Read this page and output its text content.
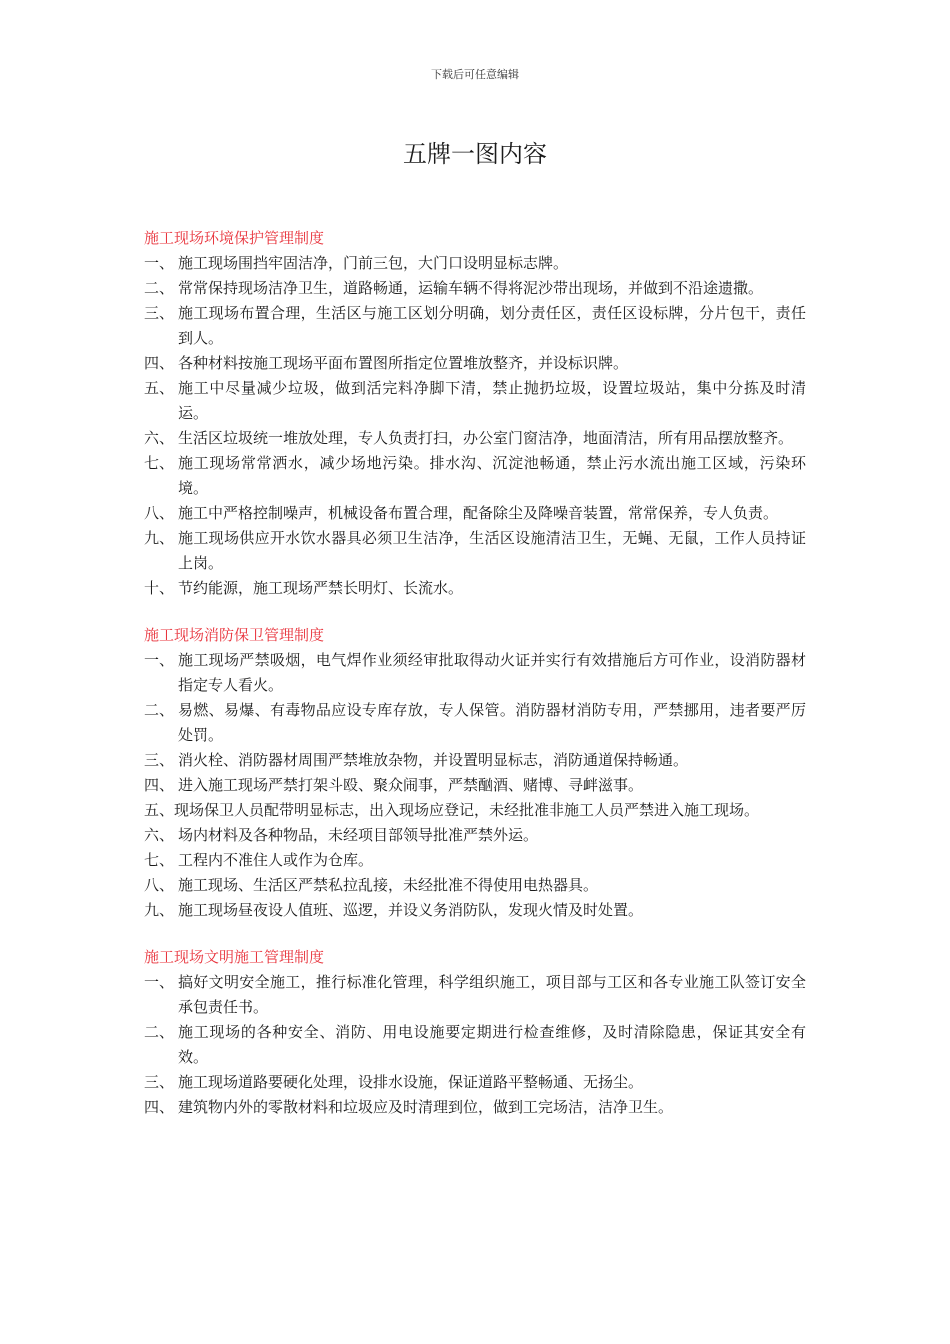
下载后可任意编辑
五牌一图内容
施工现场环境保护管理制度
一、 施工现场围挡牢固洁净，门前三包，大门口设明显标志牌。
二、 常常保持现场洁净卫生，道路畅通，运输车辆不得将泥沙带出现场，并做到不沿途遗撒。
三、 施工现场布置合理，生活区与施工区划分明确，划分责任区，责任区设标牌，分片包干，责任到人。
四、 各种材料按施工现场平面布置图所指定位置堆放整齐，并设标识牌。
五、 施工中尽量减少垃圾，做到活完料净脚下清，禁止抛扔垃圾，设置垃圾站，集中分拣及时清运。
六、 生活区垃圾统一堆放处理，专人负责打扫，办公室门窗洁净，地面清洁，所有用品摆放整齐。
七、 施工现场常常洒水，减少场地污染。排水沟、沉淀池畅通，禁止污水流出施工区域，污染环境。
八、 施工中严格控制噪声，机械设备布置合理，配备除尘及降噪音装置，常常保养，专人负责。
九、 施工现场供应开水饮水器具必须卫生洁净，生活区设施清洁卫生，无蝇、无鼠，工作人员持证上岗。
十、 节约能源，施工现场严禁长明灯、长流水。
施工现场消防保卫管理制度
一、 施工现场严禁吸烟，电气焊作业须经审批取得动火证并实行有效措施后方可作业，设消防器材指定专人看火。
二、 易燃、易爆、有毒物品应设专库存放，专人保管。消防器材消防专用，严禁挪用，违者要严厉处罚。
三、 消火栓、消防器材周围严禁堆放杂物，并设置明显标志，消防通道保持畅通。
四、 进入施工现场严禁打架斗殴、聚众闹事，严禁酗酒、赌博、寻衅滋事。
五、现场保卫人员配带明显标志，出入现场应登记，未经批准非施工人员严禁进入施工现场。
六、 场内材料及各种物品，未经项目部领导批准严禁外运。
七、 工程内不准住人或作为仓库。
八、 施工现场、生活区严禁私拉乱接，未经批准不得使用电热器具。
九、 施工现场昼夜设人值班、巡逻，并设义务消防队，发现火情及时处置。
施工现场文明施工管理制度
一、 搞好文明安全施工，推行标准化管理，科学组织施工，项目部与工区和各专业施工队签订安全承包责任书。
二、 施工现场的各种安全、消防、用电设施要定期进行检查维修，及时清除隐患，保证其安全有效。
三、 施工现场道路要硬化处理，设排水设施，保证道路平整畅通、无扬尘。
四、 建筑物内外的零散材料和垃圾应及时清理到位，做到工完场洁，洁净卫生。
